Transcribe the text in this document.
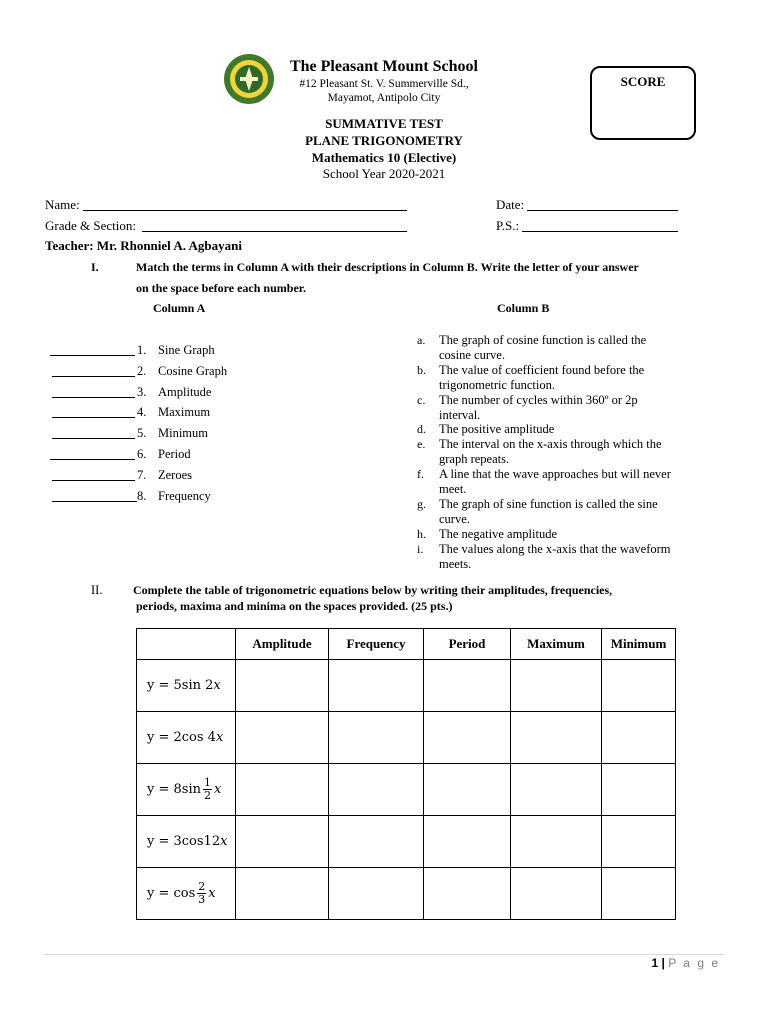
The Pleasant Mount School
#12 Pleasant St. V. Summerville Sd.,
Mayamot, Antipolo City
SCORE
SUMMATIVE TEST
PLANE TRIGONOMETRY
Mathematics 10 (Elective)
School Year 2020-2021
Name:	Date:
Grade & Section:	P.S.:
Teacher: Mr. Rhonniel A. Agbayani
I.	Match the terms in Column A with their descriptions in Column B. Write the letter of your answer
on the space before each number.
Column A	Column B
1. Sine Graph
2. Cosine Graph
3. Amplitude
4. Maximum
5. Minimum
6. Period
7. Zeroes
8. Frequency
a.	The graph of cosine function is called the cosine curve.
b.	The value of coefficient found before the trigonometric function.
c.	The number of cycles within 360º or 2p interval.
d.	The positive amplitude
e.	The interval on the x-axis through which the graph repeats.
f.	A line that the wave approaches but will never meet.
g.	The graph of sine function is called the sine curve.
h.	The negative amplitude
i.	The values along the x-axis that the waveform meets.
II.	Complete the table of trigonometric equations below by writing their amplitudes, frequencies,
periods, maxima and minima on the spaces provided. (25 pts.)
	Amplitude	Frequency	Period	Maximum	Minimum
y = 5sin 2x					
y = 2cos 4x					
$y = 8\sin \frac{1}{2}$ x					
y = 3cos12x					
$y = \cos \frac{2}{3}$ x					
1 | P a g e
